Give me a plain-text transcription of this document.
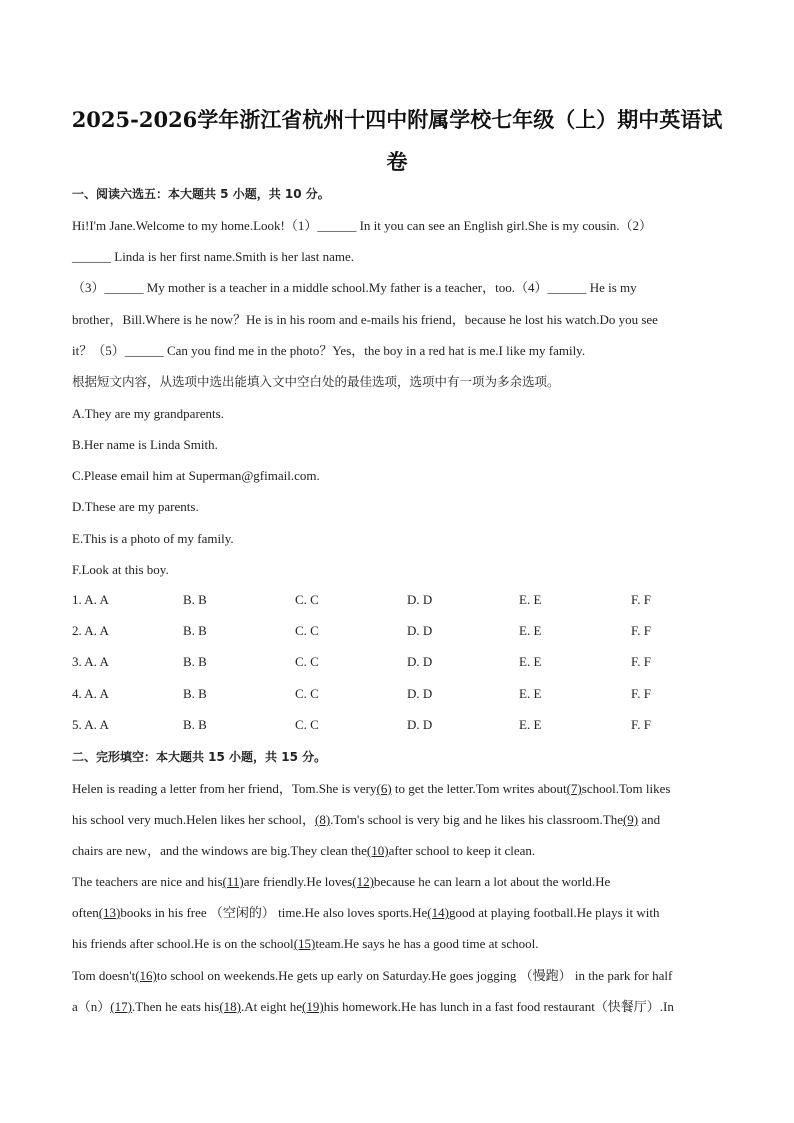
2025-2026学年浙江省杭州十四中附属学校七年级（上）期中英语试
卷
一、阅读六选五：本大题共 5 小题，共 10 分。
Hi!I'm Jane.Welcome to my home.Look!（1）______ In it you can see an English girl.She is my cousin.（2）
______ Linda is her first name.Smith is her last name.
（3）______ My mother is a teacher in a middle school.My father is a teacher，too.（4）______ He is my
brother，Bill.Where is he now？He is in his room and e-mails his friend，because he lost his watch.Do you see
it？（5）______ Can you find me in the photo？Yes，the boy in a red hat is me.I like my family.
根据短文内容，从选项中选出能填入文中空白处的最佳选项，选项中有一项为多余选项。
A.They are my grandparents.
B.Her name is Linda Smith.
C.Please email him at Superman@gfimail.com.
D.These are my parents.
E.This is a photo of my family.
F.Look at this boy.
1. A. A	B. B	C. C	D. D	E. E	F. F
2. A. A	B. B	C. C	D. D	E. E	F. F
3. A. A	B. B	C. C	D. D	E. E	F. F
4. A. A	B. B	C. C	D. D	E. E	F. F
5. A. A	B. B	C. C	D. D	E. E	F. F
二、完形填空：本大题共 15 小题，共 15 分。
Helen is reading a letter from her friend，Tom.She is very(6) to get the letter.Tom writes about(7)school.Tom likes
his school very much.Helen likes her school，(8).Tom's school is very big and he likes his classroom.The(9) and
chairs are new，and the windows are big.They clean the(10)after school to keep it clean.
The teachers are nice and his(11)are friendly.He loves(12)because he can learn a lot about the world.He
often(13)books in his free （空闲的） time.He also loves sports.He(14)good at playing football.He plays it with
his friends after school.He is on the school(15)team.He says he has a good time at school.
Tom doesn't(16)to school on weekends.He gets up early on Saturday.He goes jogging （慢跑） in the park for half
a（n）(17).Then he eats his(18).At eight he(19)his homework.He has lunch in a fast food restaurant（快餐厅）.In
